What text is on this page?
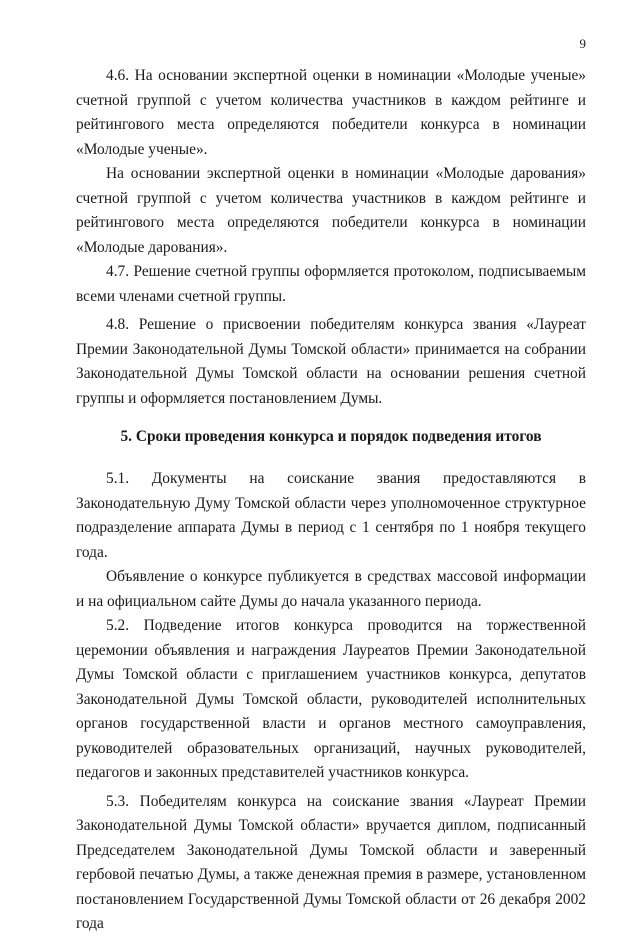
9

4.6. На основании экспертной оценки в номинации «Молодые ученые» счетной группой с учетом количества участников в каждом рейтинге и рейтингового места определяются победители конкурса в номинации «Молодые ученые».

На основании экспертной оценки в номинации «Молодые дарования» счетной группой с учетом количества участников в каждом рейтинге и рейтингового места определяются победители конкурса в номинации «Молодые дарования».

4.7. Решение счетной группы оформляется протоколом, подписываемым всеми членами счетной группы.

4.8. Решение о присвоении победителям конкурса звания «Лауреат Премии Законодательной Думы Томской области» принимается на собрании Законодательной Думы Томской области на основании решения счетной группы и оформляется постановлением Думы.

5. Сроки проведения конкурса и порядок подведения итогов

5.1. Документы на соискание звания предоставляются в Законодательную Думу Томской области через уполномоченное структурное подразделение аппарата Думы в период с 1 сентября по 1 ноября текущего года.

Объявление о конкурсе публикуется в средствах массовой информации и на официальном сайте Думы до начала указанного периода.

5.2. Подведение итогов конкурса проводится на торжественной церемонии объявления и награждения Лауреатов Премии Законодательной Думы Томской области с приглашением участников конкурса, депутатов Законодательной Думы Томской области, руководителей исполнительных органов государственной власти и органов местного самоуправления, руководителей образовательных организаций, научных руководителей, педагогов и законных представителей участников конкурса.

5.3. Победителям конкурса на соискание звания «Лауреат Премии Законодательной Думы Томской области» вручается диплом, подписанный Председателем Законодательной Думы Томской области и заверенный гербовой печатью Думы, а также денежная премия в размере, установленном постановлением Государственной Думы Томской области от 26 декабря 2002 года
